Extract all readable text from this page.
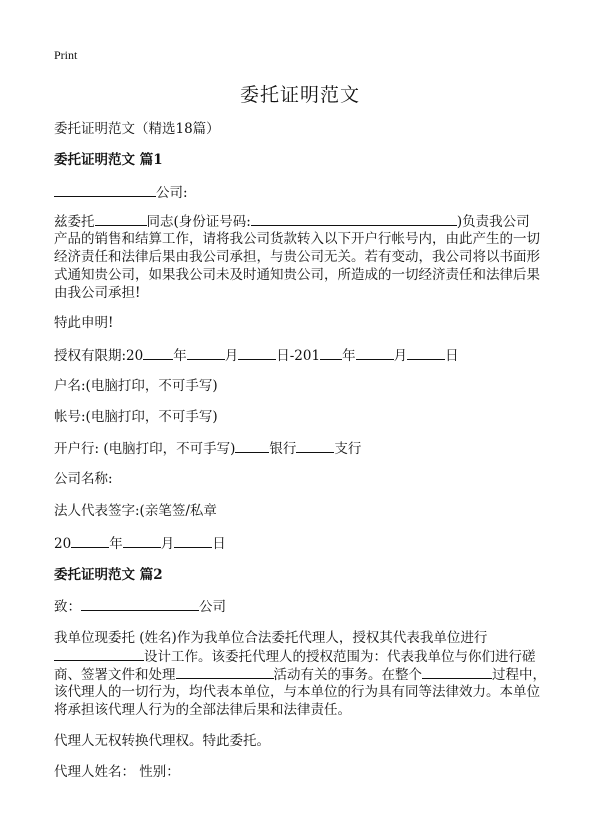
Print
委托证明范文
委托证明范文（精选18篇）
委托证明范文 篇1
公司:
兹委托	同志(身份证号码:	)负责我公司
产品的销售和结算工作，请将我公司货款转入以下开户行帐号内，由此产生的一切
经济责任和法律后果由我公司承担，与贵公司无关。若有变动，我公司将以书面形
式通知贵公司，如果我公司未及时通知贵公司，所造成的一切经济责任和法律后果
由我公司承担!
特此申明!
授权有限期:20 年	月	日-201 年	月	日
户名:(电脑打印，不可手写)
帐号:(电脑打印，不可手写)
开户行: (电脑打印，不可手写)	银行	支行
公司名称:
法人代表签字:(亲笔签/私章
20	年	月	日
委托证明范文 篇2
致：	公司
我单位现委托 (姓名)作为我单位合法委托代理人，授权其代表我单位进行
设计工作。该委托代理人的授权范围为：代表我单位与你们进行磋
商、签署文件和处理	活动有关的事务。在整个	过程中，
该代理人的一切行为，均代表本单位，与本单位的行为具有同等法律效力。本单位
将承担该代理人行为的全部法律后果和法律责任。
代理人无权转换代理权。特此委托。
代理人姓名： 性别：
